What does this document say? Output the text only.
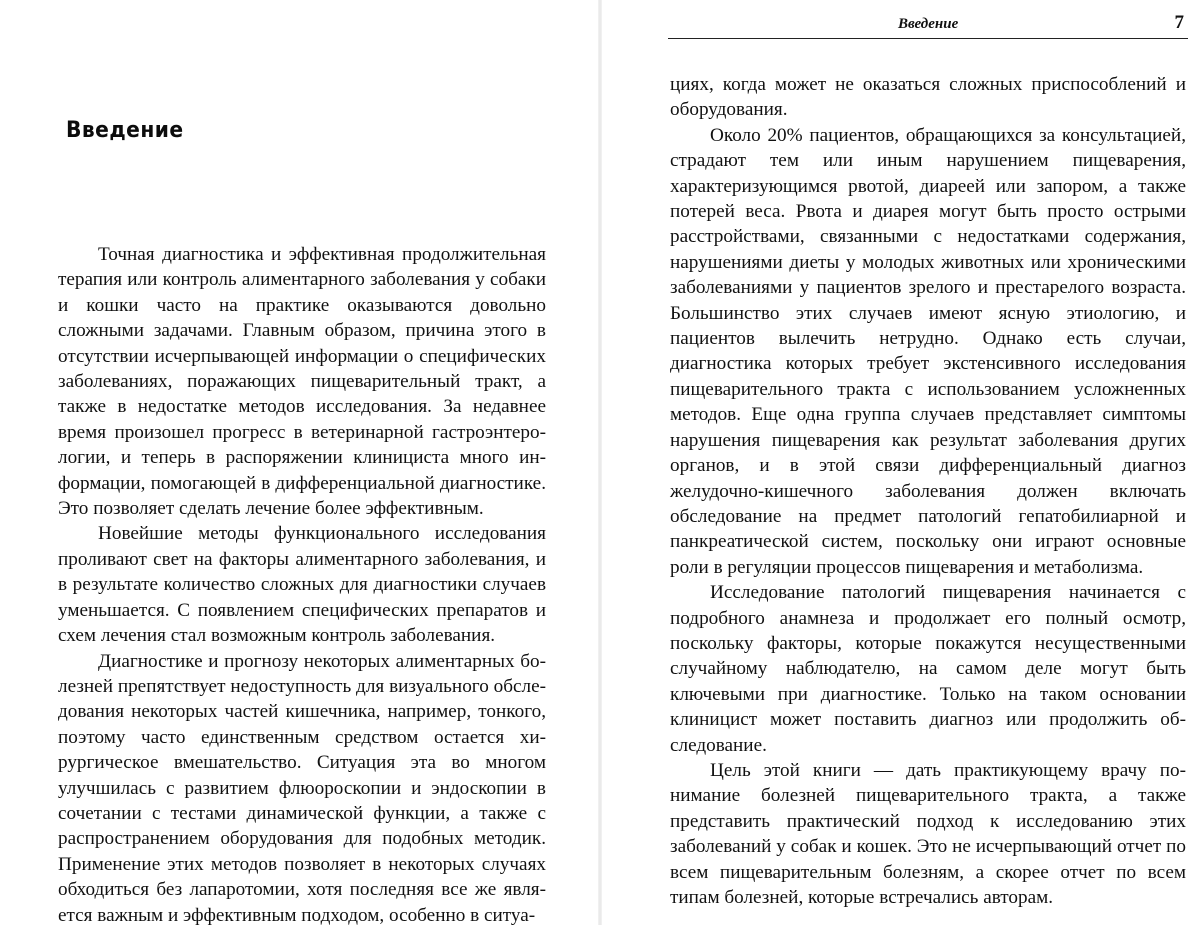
Введение

Точная диагностика и эффективная продолжительная терапия или контроль алиментарного заболевания у собаки и кошки часто на практике оказываются довольно сложными задачами. Главным образом, причина этого в отсутствии исчерпывающей информации о специфических заболеваниях, поражающих пищеварительный тракт, а также в недостатке методов исследования. За недавнее время произошел прогресс в ветеринарной гастроэнтерологии, и теперь в распоряжении клинициста много информации, помогающей в дифференциальной диагностике. Это позволяет сделать лечение более эффективным.

Новейшие методы функционального исследования проливают свет на факторы алиментарного заболевания, и в результате количество сложных для диагностики случаев уменьшается. С появлением специфических препаратов и схем лечения стал возможным контроль заболевания.

Диагностике и прогнозу некоторых алиментарных болезней препятствует недоступность для визуального обследования некоторых частей кишечника, например, тонкого, поэтому часто единственным средством остается хирургическое вмешательство. Ситуация эта во многом улучшилась с развитием флюороскопии и эндоскопии в сочетании с тестами динамической функции, а также с распространением оборудования для подобных методик. Применение этих методов позволяет в некоторых случаях обходиться без лапаротомии, хотя последняя все же является важным и эффективным подходом, особенно в ситуа-

Введение	7

циях, когда может не оказаться сложных приспособлений и оборудования.

Около 20% пациентов, обращающихся за консультацией, страдают тем или иным нарушением пищеварения, характеризующимся рвотой, диареей или запором, а также потерей веса. Рвота и диарея могут быть просто острыми расстройствами, связанными с недостатками содержания, нарушениями диеты у молодых животных или хроническими заболеваниями у пациентов зрелого и престарелого возраста. Большинство этих случаев имеют ясную этиологию, и пациентов вылечить нетрудно. Однако есть случаи, диагностика которых требует экстенсивного исследования пищеварительного тракта с использованием усложненных методов. Еще одна группа случаев представляет симптомы нарушения пищеварения как результат заболевания других органов, и в этой связи дифференциальный диагноз желудочно-кишечного заболевания должен включать обследование на предмет патологий гепатобилиарной и панкреатической систем, поскольку они играют основные роли в регуляции процессов пищеварения и метаболизма.

Исследование патологий пищеварения начинается с подробного анамнеза и продолжает его полный осмотр, поскольку факторы, которые покажутся несущественными случайному наблюдателю, на самом деле могут быть ключевыми при диагностике. Только на таком основании клиницист может поставить диагноз или продолжить обследование.

Цель этой книги — дать практикующему врачу понимание болезней пищеварительного тракта, а также представить практический подход к исследованию этих заболеваний у собак и кошек. Это не исчерпывающий отчет по всем пищеварительным болезням, а скорее отчет по всем типам болезней, которые встречались авторам.
